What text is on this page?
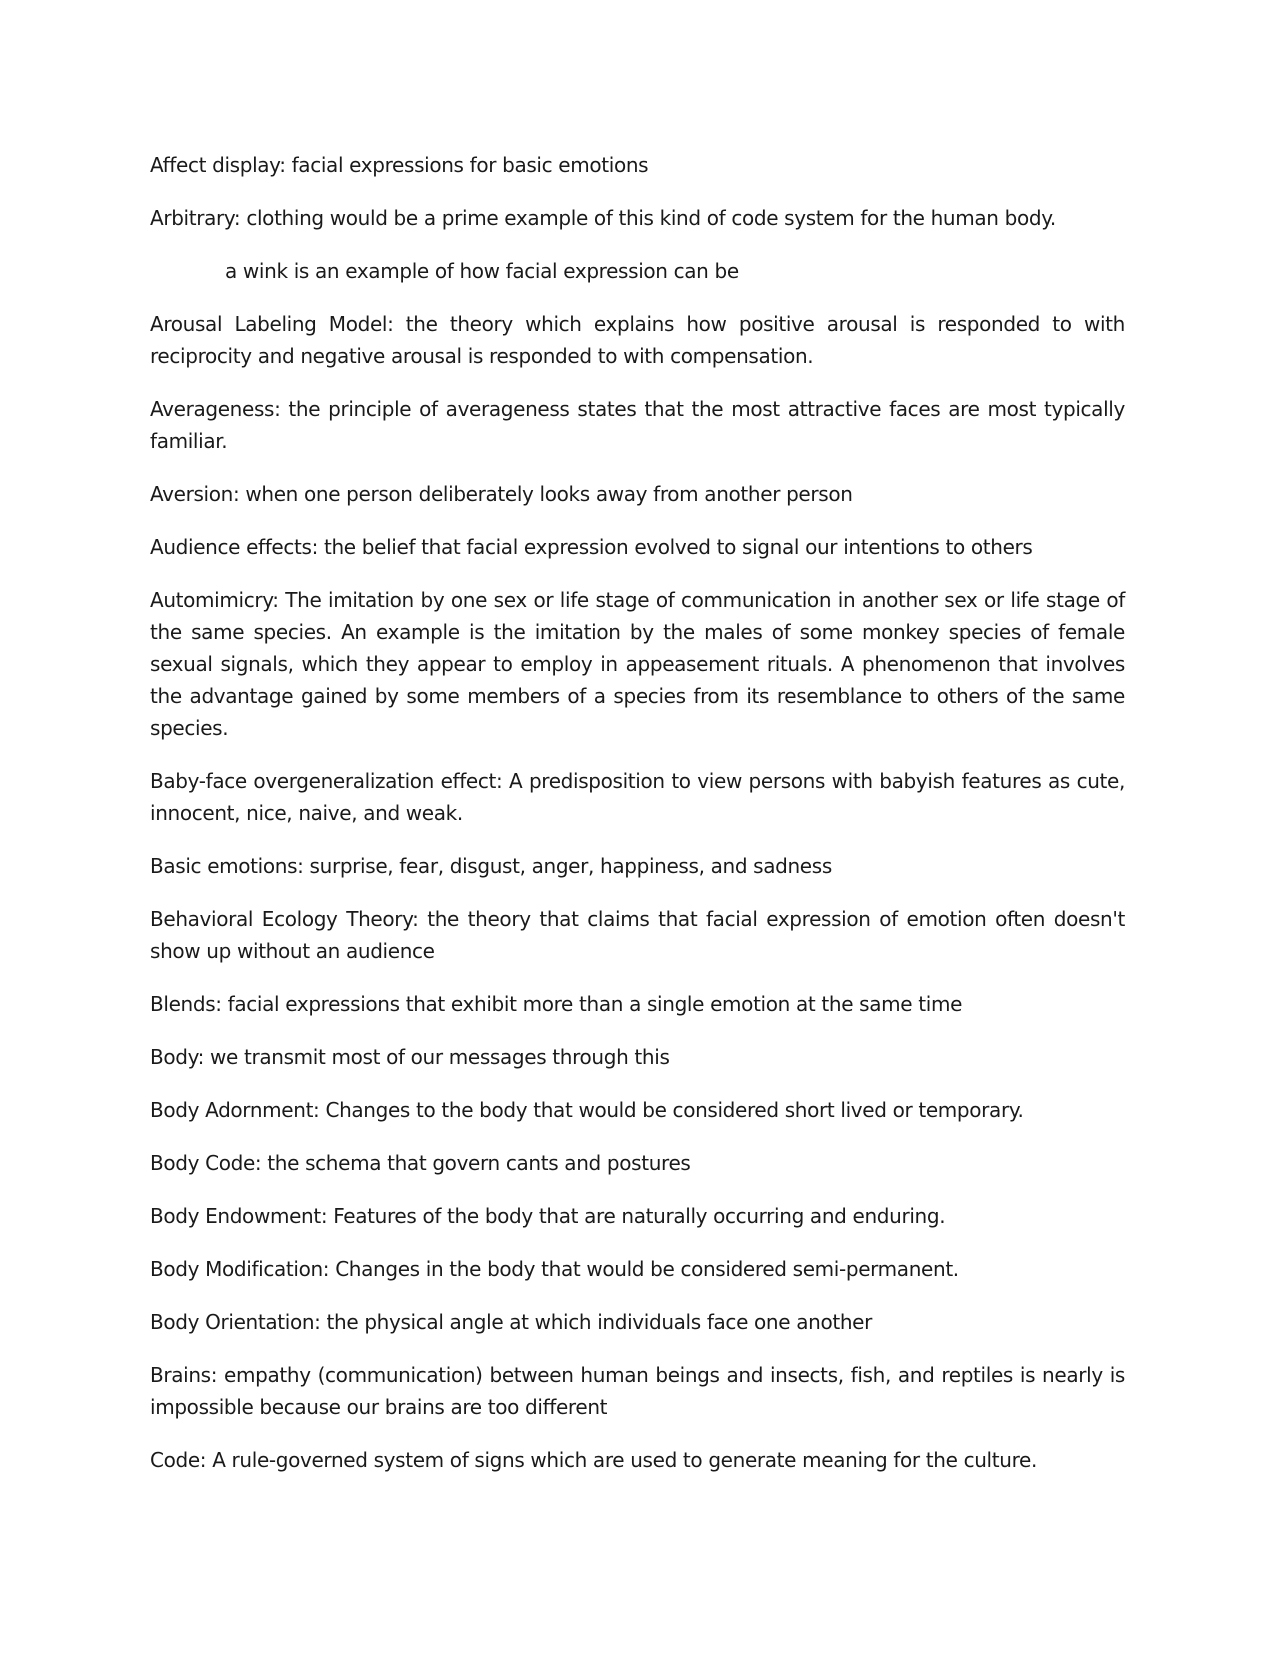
Affect display: facial expressions for basic emotions

Arbitrary: clothing would be a prime example of this kind of code system for the human body.

a wink is an example of how facial expression can be

Arousal Labeling Model: the theory which explains how positive arousal is responded to with reciprocity and negative arousal is responded to with compensation.

Averageness: the principle of averageness states that the most attractive faces are most typically familiar.

Aversion: when one person deliberately looks away from another person

Audience effects: the belief that facial expression evolved to signal our intentions to others

Automimicry: The imitation by one sex or life stage of communication in another sex or life stage of the same species. An example is the imitation by the males of some monkey species of female sexual signals, which they appear to employ in appeasement rituals. A phenomenon that involves the advantage gained by some members of a species from its resemblance to others of the same species.

Baby-face overgeneralization effect: A predisposition to view persons with babyish features as cute, innocent, nice, naive, and weak.

Basic emotions: surprise, fear, disgust, anger, happiness, and sadness

Behavioral Ecology Theory: the theory that claims that facial expression of emotion often doesn't show up without an audience

Blends: facial expressions that exhibit more than a single emotion at the same time

Body: we transmit most of our messages through this

Body Adornment: Changes to the body that would be considered short lived or temporary.

Body Code: the schema that govern cants and postures

Body Endowment: Features of the body that are naturally occurring and enduring.

Body Modification: Changes in the body that would be considered semi-permanent.

Body Orientation: the physical angle at which individuals face one another

Brains: empathy (communication) between human beings and insects, fish, and reptiles is nearly is impossible because our brains are too different

Code: A rule-governed system of signs which are used to generate meaning for the culture.
